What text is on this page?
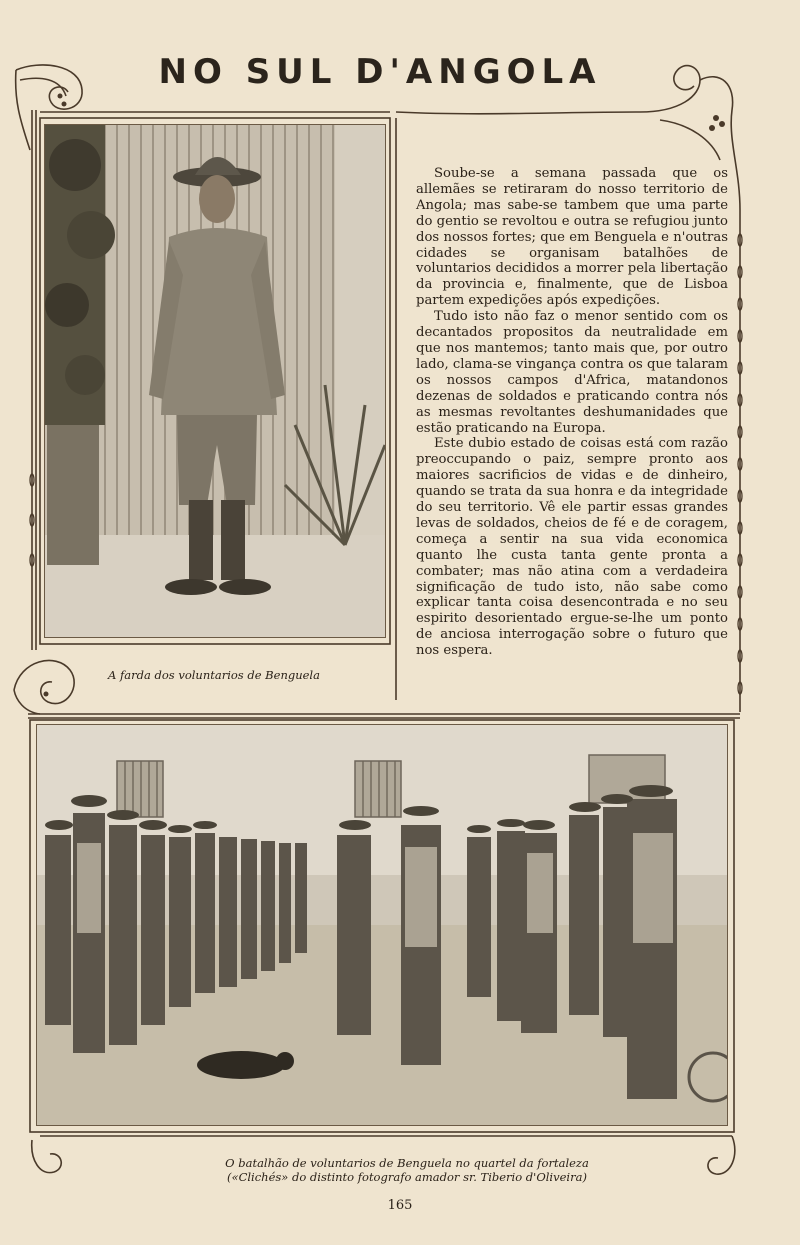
NO SUL D'ANGOLA
A farda dos voluntarios de Benguela

Soube-se a semana passada que os allemães se retiraram do nosso territorio de Angola; mas sabe-se tambem que uma parte do gentio se revoltou e outra se refugiou junto dos nossos fortes; que em Benguela e n'outras cidades se organisam batalhões de voluntarios decididos a morrer pela libertação da provincia e, finalmente, que de Lisboa partem expedições após expedições.

Tudo isto não faz o menor sentido com os decantados propositos da neutralidade em que nos mantemos; tanto mais que, por outro lado, clama-se vingança contra os que talaram os nossos campos d'Africa, matandonos dezenas de soldados e praticando contra nós as mesmas revoltantes deshumanidades que estão praticando na Europa.

Este dubio estado de coisas está com razão preoccupando o paiz, sempre pronto aos maiores sacrificios de vidas e de dinheiro, quando se trata da sua honra e da integridade do seu territorio. Vê ele partir essas grandes levas de soldados, cheios de fé e de coragem, começa a sentir na sua vida economica quanto lhe custa tanta gente pronta a combater; mas não atina com a verdadeira significação de tudo isto, não sabe como explicar tanta coisa desencontrada e no seu espirito desorientado ergue-se-lhe um ponto de anciosa interrogação sobre o futuro que nos espera.

O batalhão de voluntarios de Benguela no quartel da fortaleza
(«Clichés» do distinto fotografo amador sr. Tiberio d'Oliveira)
165
